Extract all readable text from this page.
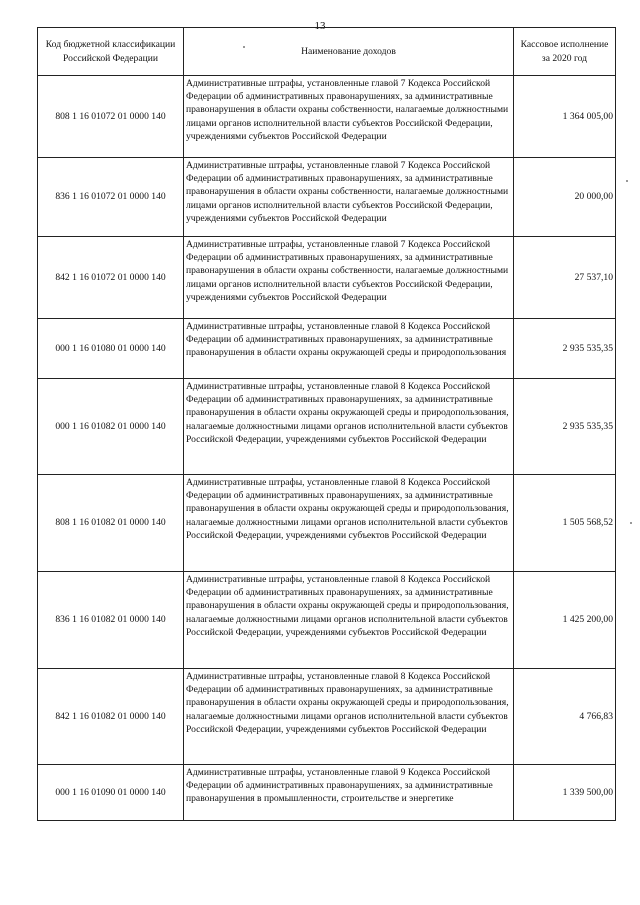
13
Код бюджетной классификации Российской Федерации	Наименование доходов	Кассовое исполнение за 2020 год
808 1 16 01072 01 0000 140	Административные штрафы, установленные главой 7 Кодекса Российской Федерации об административных правонарушениях, за административные правонарушения в области охраны собственности, налагаемые должностными лицами органов исполнительной власти субъектов Российской Федерации, учреждениями субъектов Российской Федерации	1 364 005,00
836 1 16 01072 01 0000 140	Административные штрафы, установленные главой 7 Кодекса Российской Федерации об административных правонарушениях, за административные правонарушения в области охраны собственности, налагаемые должностными лицами органов исполнительной власти субъектов Российской Федерации, учреждениями субъектов Российской Федерации	20 000,00
842 1 16 01072 01 0000 140	Административные штрафы, установленные главой 7 Кодекса Российской Федерации об административных правонарушениях, за административные правонарушения в области охраны собственности, налагаемые должностными лицами органов исполнительной власти субъектов Российской Федерации, учреждениями субъектов Российской Федерации	27 537,10
000 1 16 01080 01 0000 140	Административные штрафы, установленные главой 8 Кодекса Российской Федерации об административных правонарушениях, за административные правонарушения в области охраны окружающей среды и природопользования	2 935 535,35
000 1 16 01082 01 0000 140	Административные штрафы, установленные главой 8 Кодекса Российской Федерации об административных правонарушениях, за административные правонарушения в области охраны окружающей среды и природопользования, налагаемые должностными лицами органов исполнительной власти субъектов Российской Федерации, учреждениями субъектов Российской Федерации	2 935 535,35
808 1 16 01082 01 0000 140	Административные штрафы, установленные главой 8 Кодекса Российской Федерации об административных правонарушениях, за административные правонарушения в области охраны окружающей среды и природопользования, налагаемые должностными лицами органов исполнительной власти субъектов Российской Федерации, учреждениями субъектов Российской Федерации	1 505 568,52
836 1 16 01082 01 0000 140	Административные штрафы, установленные главой 8 Кодекса Российской Федерации об административных правонарушениях, за административные правонарушения в области охраны окружающей среды и природопользования, налагаемые должностными лицами органов исполнительной власти субъектов Российской Федерации, учреждениями субъектов Российской Федерации	1 425 200,00
842 1 16 01082 01 0000 140	Административные штрафы, установленные главой 8 Кодекса Российской Федерации об административных правонарушениях, за административные правонарушения в области охраны окружающей среды и природопользования, налагаемые должностными лицами органов исполнительной власти субъектов Российской Федерации, учреждениями субъектов Российской Федерации	4 766,83
000 1 16 01090 01 0000 140	Административные штрафы, установленные главой 9 Кодекса Российской Федерации об административных правонарушениях, за административные правонарушения в промышленности, строительстве и энергетике	1 339 500,00
